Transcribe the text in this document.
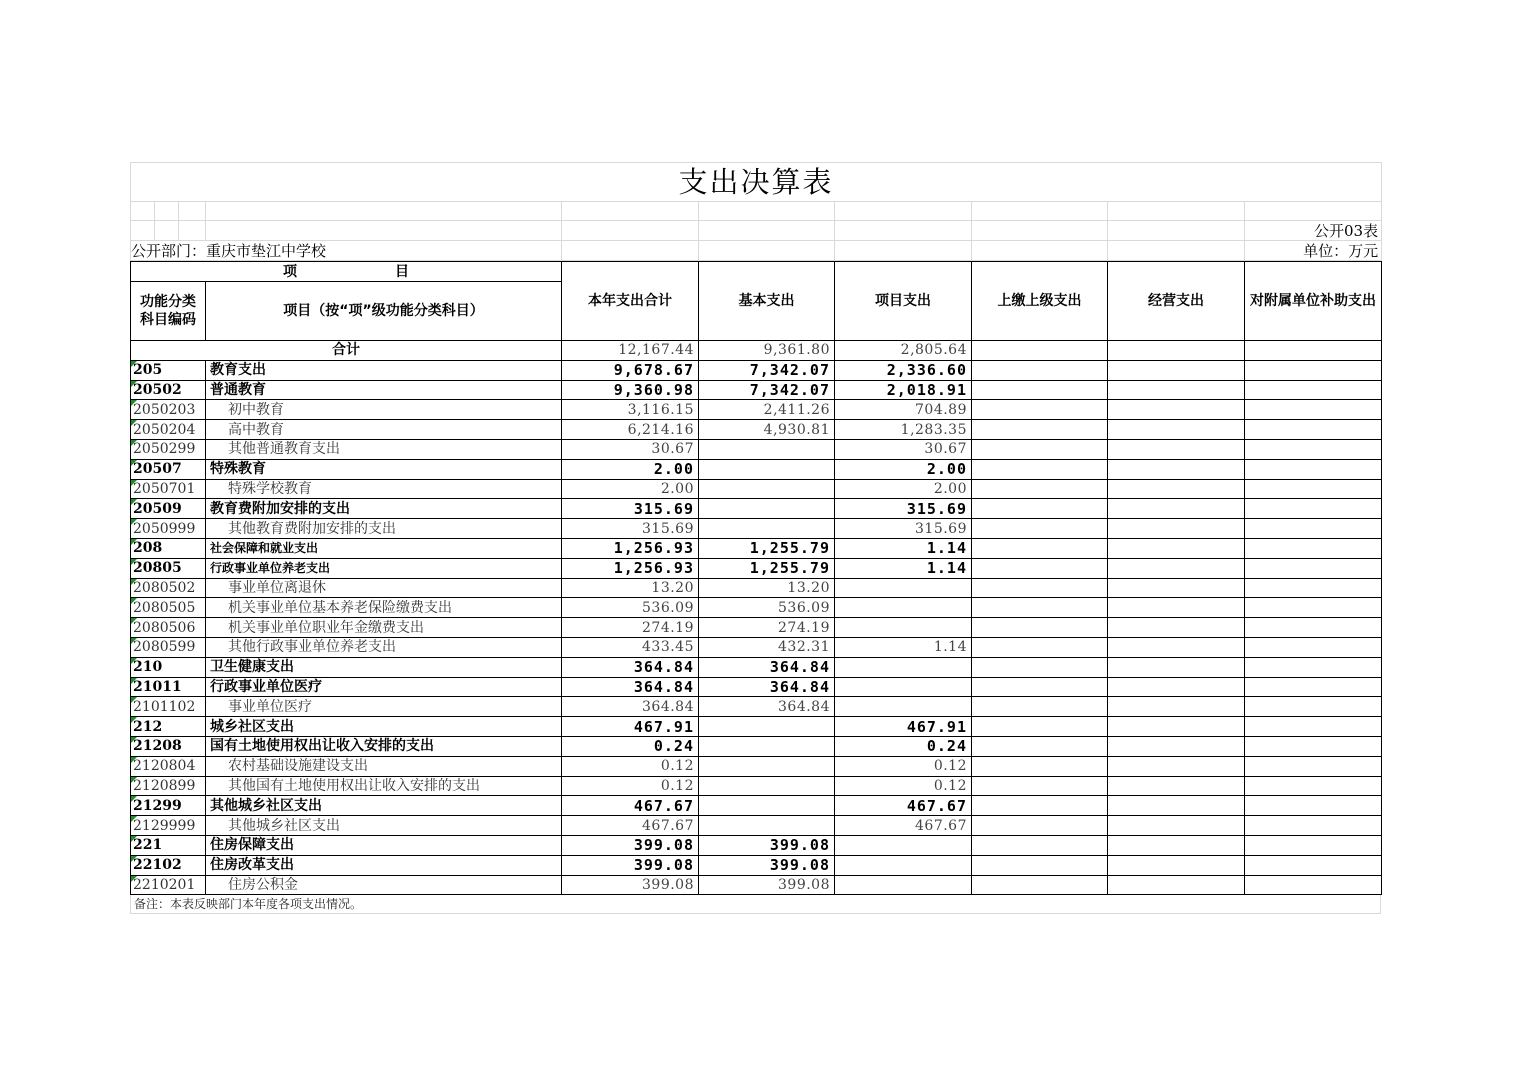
支出决算表									

									公开03表
公开部门：重庆市垫江中学校									单位：万元
项　　　　　　　目		本年支出合计	基本支出	项目支出	上缴上级支出	经营支出	对附属单位补助支出
功能分类科目编码	项目（按“项”级功能分类科目）						
合计		12,167.44	9,361.80	2,805.64			
205	教育支出	9,678.67	7,342.07	2,336.60			
20502	普通教育	9,360.98	7,342.07	2,018.91			
2050203	初中教育	3,116.15	2,411.26	704.89			
2050204	高中教育	6,214.16	4,930.81	1,283.35			
2050299	其他普通教育支出	30.67		30.67			
20507	特殊教育	2.00		2.00			
2050701	特殊学校教育	2.00		2.00			
20509	教育费附加安排的支出	315.69		315.69			
2050999	其他教育费附加安排的支出	315.69		315.69			
208	社会保障和就业支出	1,256.93	1,255.79	1.14			
20805	行政事业单位养老支出	1,256.93	1,255.79	1.14			
2080502	事业单位离退休	13.20	13.20				
2080505	机关事业单位基本养老保险缴费支出	536.09	536.09				
2080506	机关事业单位职业年金缴费支出	274.19	274.19				
2080599	其他行政事业单位养老支出	433.45	432.31	1.14			
210	卫生健康支出	364.84	364.84				
21011	行政事业单位医疗	364.84	364.84				
2101102	事业单位医疗	364.84	364.84				
212	城乡社区支出	467.91		467.91			
21208	国有土地使用权出让收入安排的支出	0.24		0.24			
2120804	农村基础设施建设支出	0.12		0.12			
2120899	其他国有土地使用权出让收入安排的支出	0.12		0.12			
21299	其他城乡社区支出	467.67		467.67			
2129999	其他城乡社区支出	467.67		467.67			
221	住房保障支出	399.08	399.08				
22102	住房改革支出	399.08	399.08				
2210201	住房公积金	399.08	399.08				
备注：本表反映部门本年度各项支出情况。
